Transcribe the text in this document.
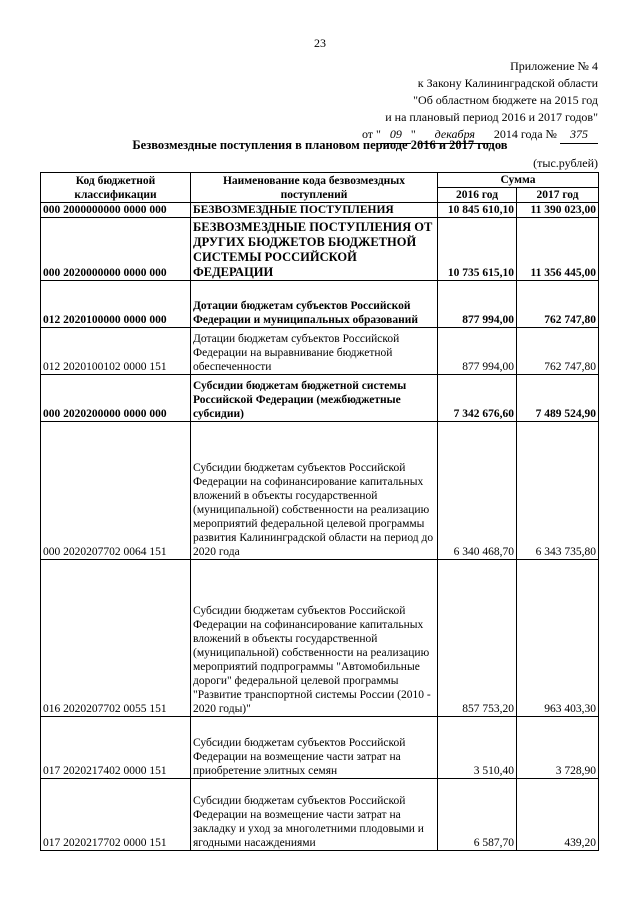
23
Приложение № 4
к Закону Калининградской области
"Об областном бюджете на 2015 год
и на плановый период 2016 и 2017 годов"
от " 09 " декабря 2014 года № 375
Безвозмездные поступления в плановом периоде 2016 и 2017 годов
(тыс.рублей)
Код бюджетной классификации	Наименование кода безвозмездных поступлений	Сумма	
		2016 год	2017 год
000 2000000000 0000 000	БЕЗВОЗМЕЗДНЫЕ ПОСТУПЛЕНИЯ	10 845 610,10	11 390 023,00
000 2020000000 0000 000	БЕЗВОЗМЕЗДНЫЕ ПОСТУПЛЕНИЯ ОТ ДРУГИХ БЮДЖЕТОВ БЮДЖЕТНОЙ СИСТЕМЫ РОССИЙСКОЙ ФЕДЕРАЦИИ	10 735 615,10	11 356 445,00
012 2020100000 0000 000	Дотации бюджетам субъектов Российской Федерации и муниципальных образований	877 994,00	762 747,80
012 2020100102 0000 151	Дотации бюджетам субъектов Российской Федерации на выравнивание бюджетной обеспеченности	877 994,00	762 747,80
000 2020200000 0000 000	Субсидии бюджетам бюджетной системы Российской Федерации (межбюджетные субсидии)	7 342 676,60	7 489 524,90
000 2020207702 0064 151	Субсидии бюджетам субъектов Российской Федерации на софинансирование капитальных вложений в объекты государственной (муниципальной) собственности на реализацию мероприятий федеральной целевой программы развития Калининградской области на период до 2020 года	6 340 468,70	6 343 735,80
016 2020207702 0055 151	Субсидии бюджетам субъектов Российской Федерации на софинансирование капитальных вложений в объекты государственной (муниципальной) собственности на реализацию мероприятий подпрограммы "Автомобильные дороги" федеральной целевой программы "Развитие транспортной системы России (2010 - 2020 годы)"	857 753,20	963 403,30
017 2020217402 0000 151	Субсидии бюджетам субъектов Российской Федерации на возмещение части затрат на приобретение элитных семян	3 510,40	3 728,90
017 2020217702 0000 151	Субсидии бюджетам субъектов Российской Федерации на возмещение части затрат на закладку и уход за многолетними плодовыми и ягодными насаждениями	6 587,70	439,20
